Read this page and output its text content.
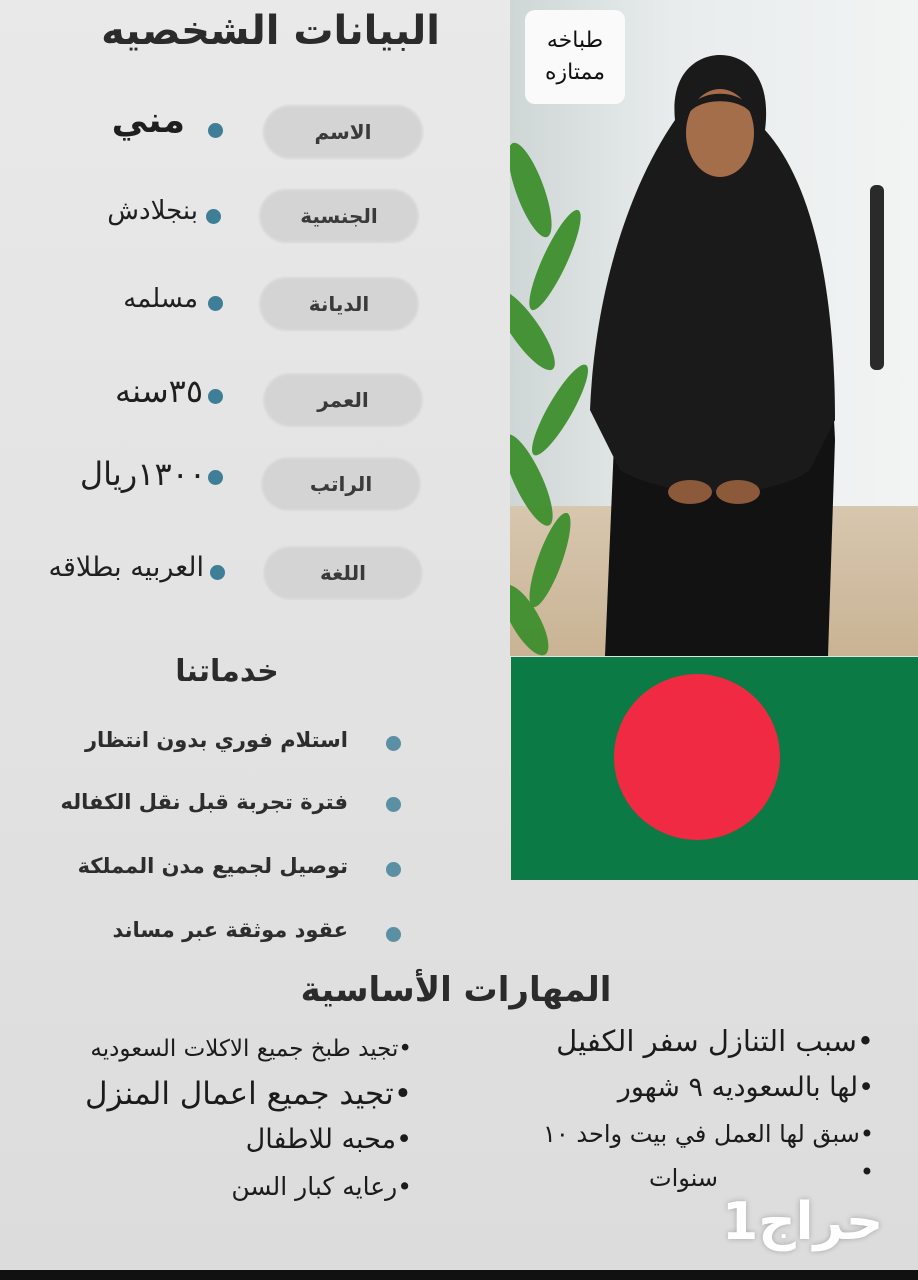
طباخه
ممتازه
البيانات الشخصيه
الاسم
مني
الجنسية
بنجلادش
الديانة
مسلمه
العمر
٣٥سنه
الراتب
١٣٠٠ريال
اللغة
العربيه بطلاقه
خدماتنا
استلام فوري بدون انتظار
فترة تجربة قبل نقل الكفاله
توصيل لجميع مدن المملكة
عقود موثقة عبر مساند
المهارات الأساسية
•تجيد طبخ جميع الاكلات السعوديه
•تجيد جميع اعمال المنزل
•محبه للاطفال
•رعايه كبار السن
•سبب التنازل سفر الكفيل
•لها بالسعوديه ٩ شهور
•سبق لها العمل في بيت واحد ١٠
•
سنوات
حراج1
